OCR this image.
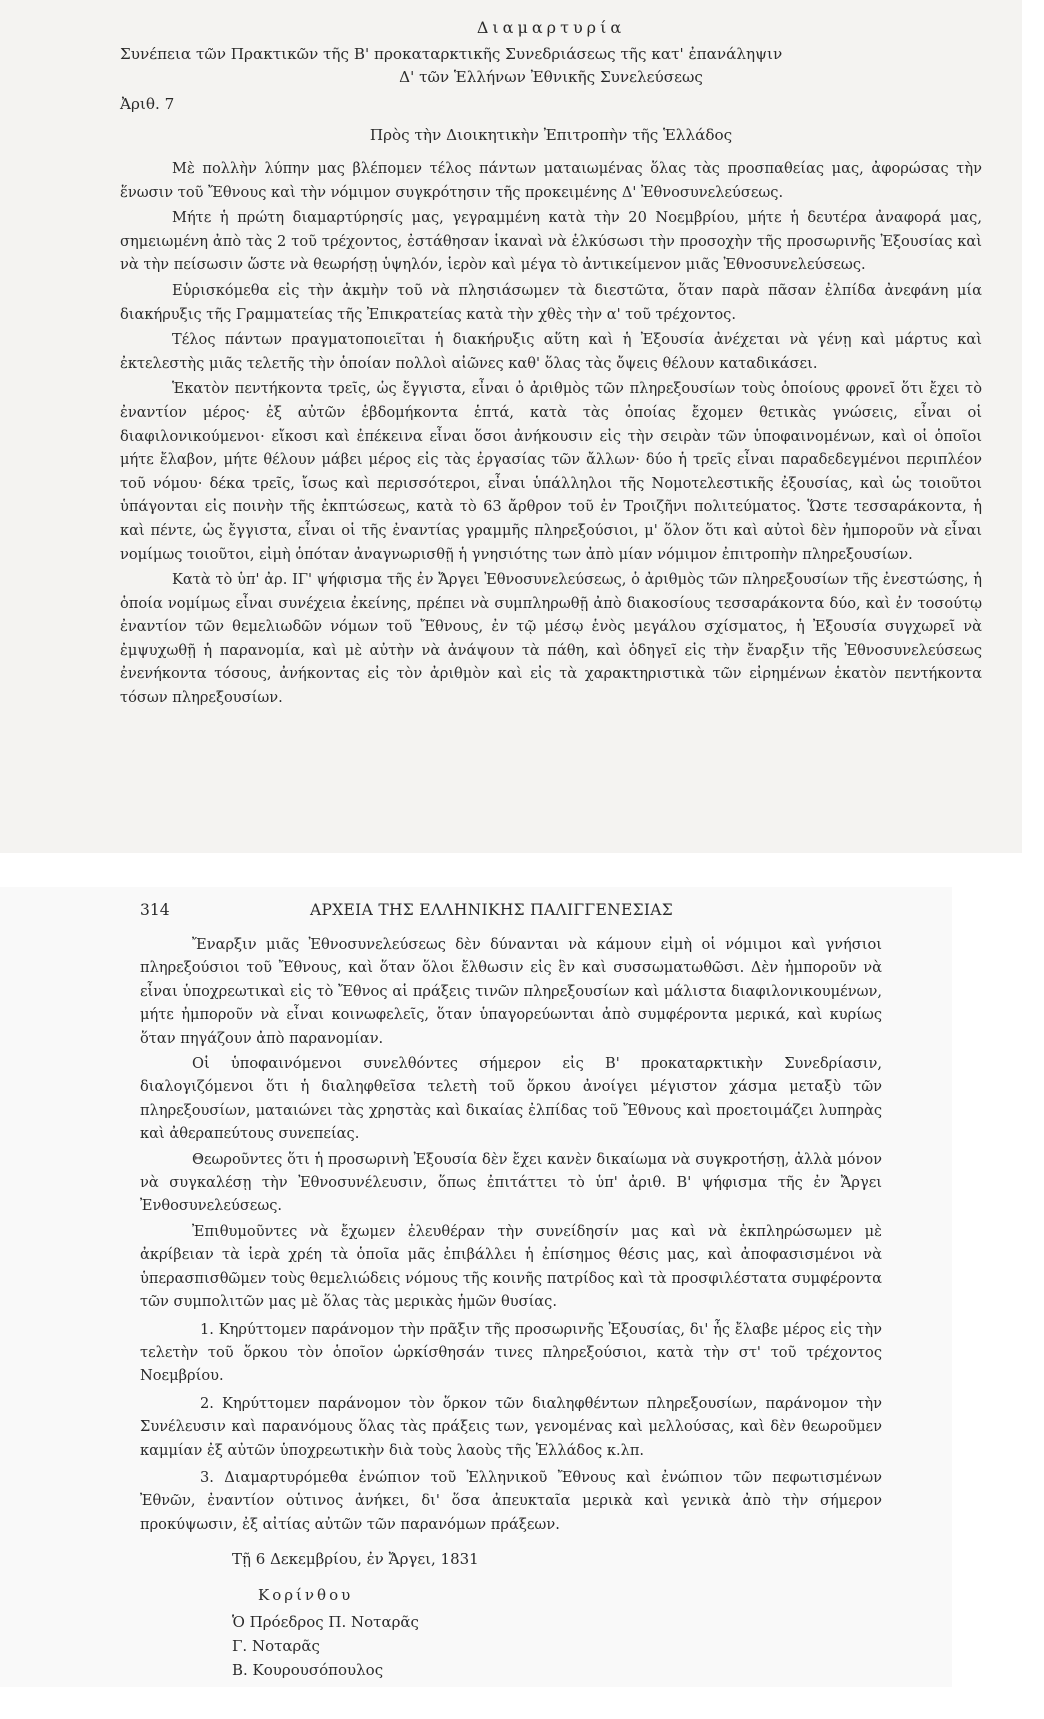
Διαμαρτυρία
Συνέπεια τῶν Πρακτικῶν τῆς Β' προκαταρκτικῆς Συνεδριάσεως τῆς κατ' ἐπανάληψιν
Δ' τῶν Ἑλλήνων Ἐθνικῆς Συνελεύσεως
Ἀριθ. 7
Πρὸς τὴν Διοικητικὴν Ἐπιτροπὴν τῆς Ἑλλάδος

Μὲ πολλὴν λύπην μας βλέπομεν τέλος πάντων ματαιωμένας ὅλας τὰς προσπαθείας μας, ἀφορώσας τὴν ἕνωσιν τοῦ Ἔθνους καὶ τὴν νόμιμον συγκρότησιν τῆς προκειμένης Δ' Ἐθνοσυνελεύσεως.

Μήτε ἡ πρώτη διαμαρτύρησίς μας, γεγραμμένη κατὰ τὴν 20 Νοεμβρίου, μήτε ἡ δευτέρα ἀναφορά μας, σημειωμένη ἀπὸ τὰς 2 τοῦ τρέχοντος, ἐστάθησαν ἱκαναὶ νὰ ἑλκύσωσι τὴν προσοχὴν τῆς προσωρινῆς Ἐξουσίας καὶ νὰ τὴν πείσωσιν ὥστε νὰ θεωρήσῃ ὑψηλόν, ἱερὸν καὶ μέγα τὸ ἀντικείμενον μιᾶς Ἐθνοσυνελεύσεως.

Εὑρισκόμεθα εἰς τὴν ἀκμὴν τοῦ νὰ πλησιάσωμεν τὰ διεστῶτα, ὅταν παρὰ πᾶσαν ἐλπίδα ἀνεφάνη μία διακήρυξις τῆς Γραμματείας τῆς Ἐπικρατείας κατὰ τὴν χθὲς τὴν α' τοῦ τρέχοντος.

Τέλος πάντων πραγματοποιεῖται ἡ διακήρυξις αὕτη καὶ ἡ Ἐξουσία ἀνέχεται νὰ γένῃ καὶ μάρτυς καὶ ἐκτελεστὴς μιᾶς τελετῆς τὴν ὁποίαν πολλοὶ αἰῶνες καθ' ὅλας τὰς ὄψεις θέλουν καταδικάσει.

Ἑκατὸν πεντήκοντα τρεῖς, ὡς ἔγγιστα, εἶναι ὁ ἀριθμὸς τῶν πληρεξουσίων τοὺς ὁποίους φρονεῖ ὅτι ἔχει τὸ ἐναντίον μέρος· ἐξ αὐτῶν ἑβδομήκοντα ἑπτά, κατὰ τὰς ὁποίας ἔχομεν θετικὰς γνώσεις, εἶναι οἱ διαφιλονικούμενοι· εἴκοσι καὶ ἐπέκεινα εἶναι ὅσοι ἀνήκουσιν εἰς τὴν σειρὰν τῶν ὑποφαινομένων, καὶ οἱ ὁποῖοι μήτε ἔλαβον, μήτε θέλουν μάβει μέρος εἰς τὰς ἐργασίας τῶν ἄλλων· δύο ἡ τρεῖς εἶναι παραδεδεγμένοι περιπλέον τοῦ νόμου· δέκα τρεῖς, ἴσως καὶ περισσότεροι, εἶναι ὑπάλληλοι τῆς Νομοτελεστικῆς ἐξουσίας, καὶ ὡς τοιοῦτοι ὑπάγονται εἰς ποινὴν τῆς ἐκπτώσεως, κατὰ τὸ 63 ἄρθρον τοῦ ἐν Τροιζῆνι πολιτεύματος. Ὥστε τεσσαράκοντα, ἡ καὶ πέντε, ὡς ἔγγιστα, εἶναι οἱ τῆς ἐναντίας γραμμῆς πληρεξούσιοι, μ' ὅλον ὅτι καὶ αὐτοὶ δὲν ἠμποροῦν νὰ εἶναι νομίμως τοιοῦτοι, εἰμὴ ὁπόταν ἀναγνωρισθῇ ἡ γνησιότης των ἀπὸ μίαν νόμιμον ἐπιτροπὴν πληρεξουσίων.

Κατὰ τὸ ὑπ' ἀρ. ΙΓ' ψήφισμα τῆς ἐν Ἄργει Ἐθνοσυνελεύσεως, ὁ ἀριθμὸς τῶν πληρεξουσίων τῆς ἐνεστώσης, ἡ ὁποία νομίμως εἶναι συνέχεια ἐκείνης, πρέπει νὰ συμπληρωθῇ ἀπὸ διακοσίους τεσσαράκοντα δύο, καὶ ἐν τοσούτῳ ἐναντίον τῶν θεμελιωδῶν νόμων τοῦ Ἔθνους, ἐν τῷ μέσῳ ἑνὸς μεγάλου σχίσματος, ἡ Ἐξουσία συγχωρεῖ νὰ ἐμψυχωθῇ ἡ παρανομία, καὶ μὲ αὐτὴν νὰ ἀνάψουν τὰ πάθη, καὶ ὁδηγεῖ εἰς τὴν ἔναρξιν τῆς Ἐθνοσυνελεύσεως ἐνενήκοντα τόσους, ἀνήκοντας εἰς τὸν ἀριθμὸν καὶ εἰς τὰ χαρακτηριστικὰ τῶν εἰρημένων ἑκατὸν πεντήκοντα τόσων πληρεξουσίων.

314	ΑΡΧΕΙΑ ΤΗΣ ΕΛΛΗΝΙΚΗΣ ΠΑΛΙΓΓΕΝΕΣΙΑΣ

Ἔναρξιν μιᾶς Ἐθνοσυνελεύσεως δὲν δύνανται νὰ κάμουν εἰμὴ οἱ νόμιμοι καὶ γνήσιοι πληρεξούσιοι τοῦ Ἔθνους, καὶ ὅταν ὅλοι ἔλθωσιν εἰς ἓν καὶ συσσωματωθῶσι. Δὲν ἠμποροῦν νὰ εἶναι ὑποχρεωτικαὶ εἰς τὸ Ἔθνος αἱ πράξεις τινῶν πληρεξουσίων καὶ μάλιστα διαφιλονικουμένων, μήτε ἠμποροῦν νὰ εἶναι κοινωφελεῖς, ὅταν ὑπαγορεύωνται ἀπὸ συμφέροντα μερικά, καὶ κυρίως ὅταν πηγάζουν ἀπὸ παρανομίαν.

Οἱ ὑποφαινόμενοι συνελθόντες σήμερον εἰς Β' προκαταρκτικὴν Συνεδρίασιν, διαλογιζόμενοι ὅτι ἡ διαληφθεῖσα τελετὴ τοῦ ὅρκου ἀνοίγει μέγιστον χάσμα μεταξὺ τῶν πληρεξουσίων, ματαιώνει τὰς χρηστὰς καὶ δικαίας ἐλπίδας τοῦ Ἔθνους καὶ προετοιμάζει λυπηρὰς καὶ ἀθεραπεύτους συνεπείας.

Θεωροῦντες ὅτι ἡ προσωρινὴ Ἐξουσία δὲν ἔχει κανὲν δικαίωμα νὰ συγκροτήσῃ, ἀλλὰ μόνον νὰ συγκαλέσῃ τὴν Ἐθνοσυνέλευσιν, ὅπως ἐπιτάττει τὸ ὑπ' ἀριθ. Β' ψήφισμα τῆς ἐν Ἄργει Ἐνθοσυνελεύσεως.

Ἐπιθυμοῦντες νὰ ἔχωμεν ἐλευθέραν τὴν συνείδησίν μας καὶ νὰ ἐκπληρώσωμεν μὲ ἀκρίβειαν τὰ ἱερὰ χρέη τὰ ὁποῖα μᾶς ἐπιβάλλει ἡ ἐπίσημος θέσις μας, καὶ ἀποφασισμένοι νὰ ὑπερασπισθῶμεν τοὺς θεμελιώδεις νόμους τῆς κοινῆς πατρίδος καὶ τὰ προσφιλέστατα συμφέροντα τῶν συμπολιτῶν μας μὲ ὅλας τὰς μερικὰς ἡμῶν θυσίας.

1. Κηρύττομεν παράνομον τὴν πρᾶξιν τῆς προσωρινῆς Ἐξουσίας, δι' ἧς ἔλαβε μέρος εἰς τὴν τελετὴν τοῦ ὅρκου τὸν ὁποῖον ὡρκίσθησάν τινες πληρεξούσιοι, κατὰ τὴν στ' τοῦ τρέχοντος Νοεμβρίου.

2. Κηρύττομεν παράνομον τὸν ὅρκον τῶν διαληφθέντων πληρεξουσίων, παράνομον τὴν Συνέλευσιν καὶ παρανόμους ὅλας τὰς πράξεις των, γενομένας καὶ μελλούσας, καὶ δὲν θεωροῦμεν καμμίαν ἐξ αὐτῶν ὑποχρεωτικὴν διὰ τοὺς λαοὺς τῆς Ἑλλάδος κ.λπ.

3. Διαμαρτυρόμεθα ἐνώπιον τοῦ Ἑλληνικοῦ Ἔθνους καὶ ἐνώπιον τῶν πεφωτισμένων Ἐθνῶν, ἐναντίον οὑτινος ἀνήκει, δι' ὅσα ἀπευκταῖα μερικὰ καὶ γενικὰ ἀπὸ τὴν σήμερον προκύψωσιν, ἐξ αἰτίας αὐτῶν τῶν παρανόμων πράξεων.

Τῇ 6 Δεκεμβρίου, ἐν Ἄργει, 1831
Κορίνθου
Ὁ Πρόεδρος Π. Νοταρᾶς
Γ. Νοταρᾶς
Β. Κουρουσόπουλος
